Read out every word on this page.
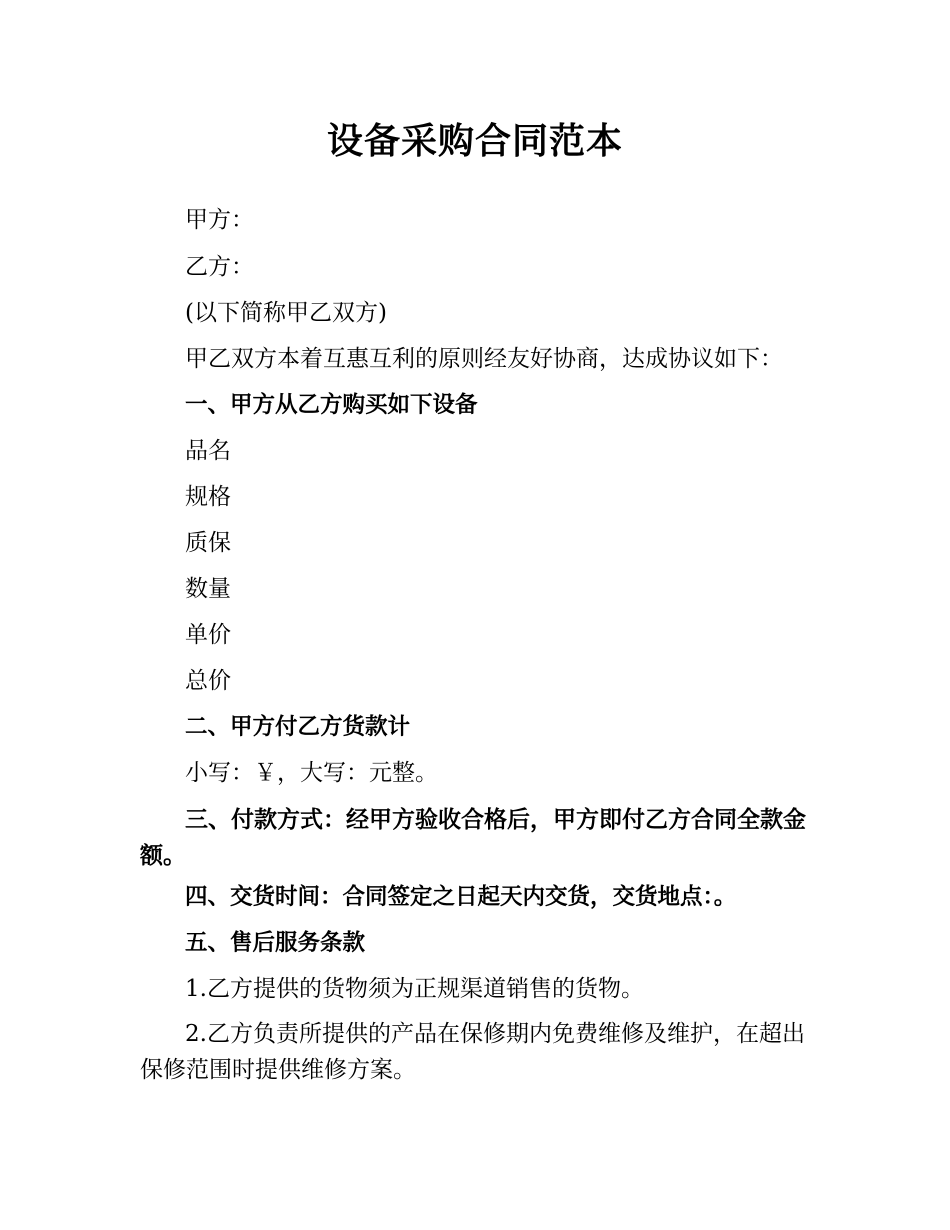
设备采购合同范本
甲方：
乙方：
(以下简称甲乙双方)
甲乙双方本着互惠互利的原则经友好协商，达成协议如下：
一、甲方从乙方购买如下设备
品名
规格
质保
数量
单价
总价
二、甲方付乙方货款计
小写：￥，大写：元整。
三、付款方式：经甲方验收合格后，甲方即付乙方合同全款金额。
四、交货时间：合同签定之日起天内交货，交货地点：。
五、售后服务条款
1.乙方提供的货物须为正规渠道销售的货物。
2.乙方负责所提供的产品在保修期内免费维修及维护，在超出保修范围时提供维修方案。
